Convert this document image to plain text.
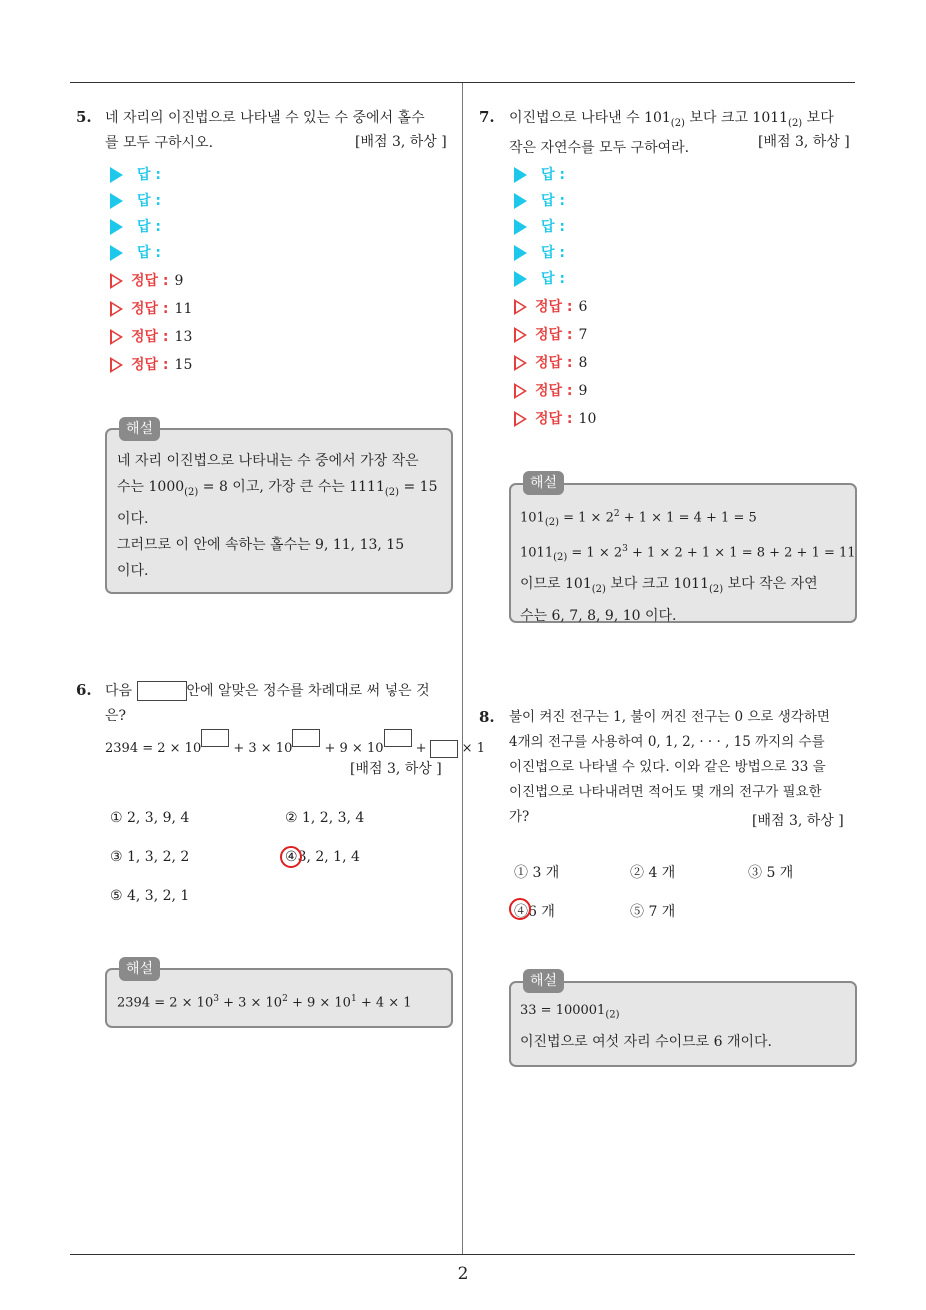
2
5. 네 자리의 이진법으로 나타낼 수 있는 수 중에서 홀수
를 모두 구하시오.	[배점 3, 하상 ]
답 :
답 :
답 :
답 :
정답 : 9
정답 : 11
정답 : 13
정답 : 15
해설
네 자리 이진법으로 나타내는 수 중에서 가장 작은
수는 $1000_{(2)} = 8$ 이고, 가장 큰 수는 $1111_{(2)} = 15$
이다.
그러므로 이 안에 속하는 홀수는 9, 11, 13, 15
이다.
6. 다음	안에 알맞은 정수를 차례대로 써 넣은 것
은?
2394 = 2 × 10 + 3 × 10 + 9 × 10 + × 1
[배점 3, 하상 ]
① 2, 3, 9, 4	② 1, 2, 3, 4
③ 1, 3, 2, 2	④3, 2, 1, 4
⑤ 4, 3, 2, 1
해설
$2394 = 2 \times 10^3 + 3 \times 10^2 + 9 \times 10^1 + 4 \times 1$
7. 이진법으로 나타낸 수 $101_{(2)}$ 보다 크고 $1011_{(2)}$ 보다
작은 자연수를 모두 구하여라.	[배점 3, 하상 ]
답 :
답 :
답 :
답 :
답 :
정답 : 6
정답 : 7
정답 : 8
정답 : 9
정답 : 10
해설
$101_{(2)} = 1 \times 2^2 + 1 \times 1 = 4 + 1 = 5$
$1011_{(2)} = 1 \times 2^3 + 1 \times 2 + 1 \times 1 = 8 + 2 + 1 = 11$
이므로 $101_{(2)}$ 보다 크고 $1011_{(2)}$ 보다 작은 자연
수는 6, 7, 8, 9, 10 이다.
8. 불이 켜진 전구는 1, 불이 꺼진 전구는 0 으로 생각하면
4개의 전구를 사용하여 0, 1, 2, · · · , 15 까지의 수를
이진법으로 나타낼 수 있다. 이와 같은 방법으로 33 을
이진법으로 나타내려면 적어도 몇 개의 전구가 필요한
가?	[배점 3, 하상 ]
① 3 개	② 4 개	③ 5 개
④6 개	⑤ 7 개
해설
$33 = 100001_{(2)}$
이진법으로 여섯 자리 수이므로 6 개이다.
